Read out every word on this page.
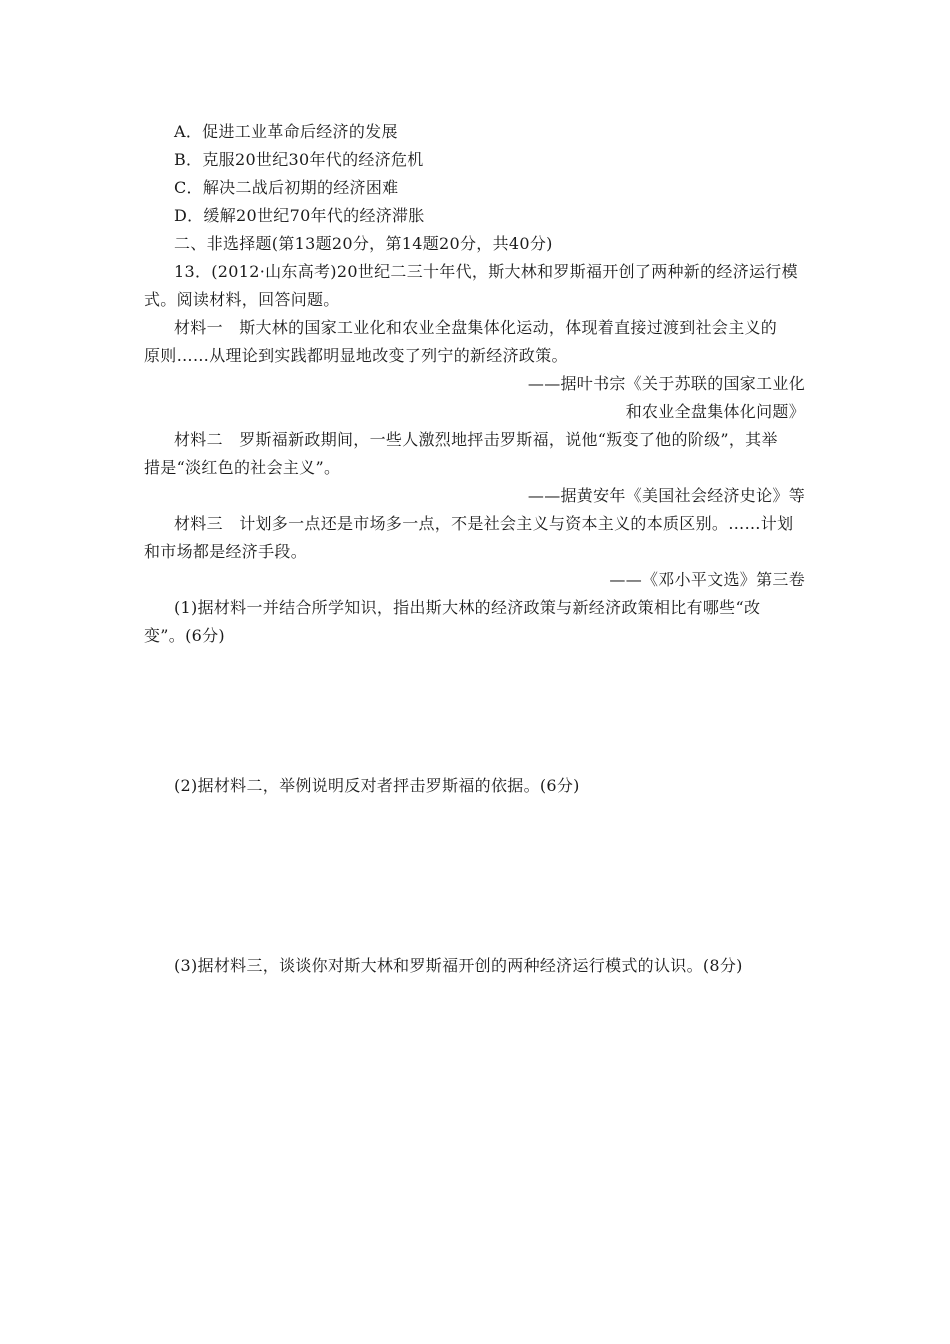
A．促进工业革命后经济的发展
B．克服20世纪30年代的经济危机
C．解决二战后初期的经济困难
D．缓解20世纪70年代的经济滞胀
二、非选择题(第13题20分，第14题20分，共40分)
13．(2012·山东高考)20世纪二三十年代，斯大林和罗斯福开创了两种新的经济运行模
式。阅读材料，回答问题。
材料一　斯大林的国家工业化和农业全盘集体化运动，体现着直接过渡到社会主义的
原则……从理论到实践都明显地改变了列宁的新经济政策。
——据叶书宗《关于苏联的国家工业化
和农业全盘集体化问题》
材料二　罗斯福新政期间，一些人激烈地抨击罗斯福，说他“叛变了他的阶级”，其举
措是“淡红色的社会主义”。
——据黄安年《美国社会经济史论》等
材料三　计划多一点还是市场多一点，不是社会主义与资本主义的本质区别。……计划
和市场都是经济手段。
——《邓小平文选》第三卷
(1)据材料一并结合所学知识，指出斯大林的经济政策与新经济政策相比有哪些“改
变”。(6分)
(2)据材料二，举例说明反对者抨击罗斯福的依据。(6分)
(3)据材料三，谈谈你对斯大林和罗斯福开创的两种经济运行模式的认识。(8分)
